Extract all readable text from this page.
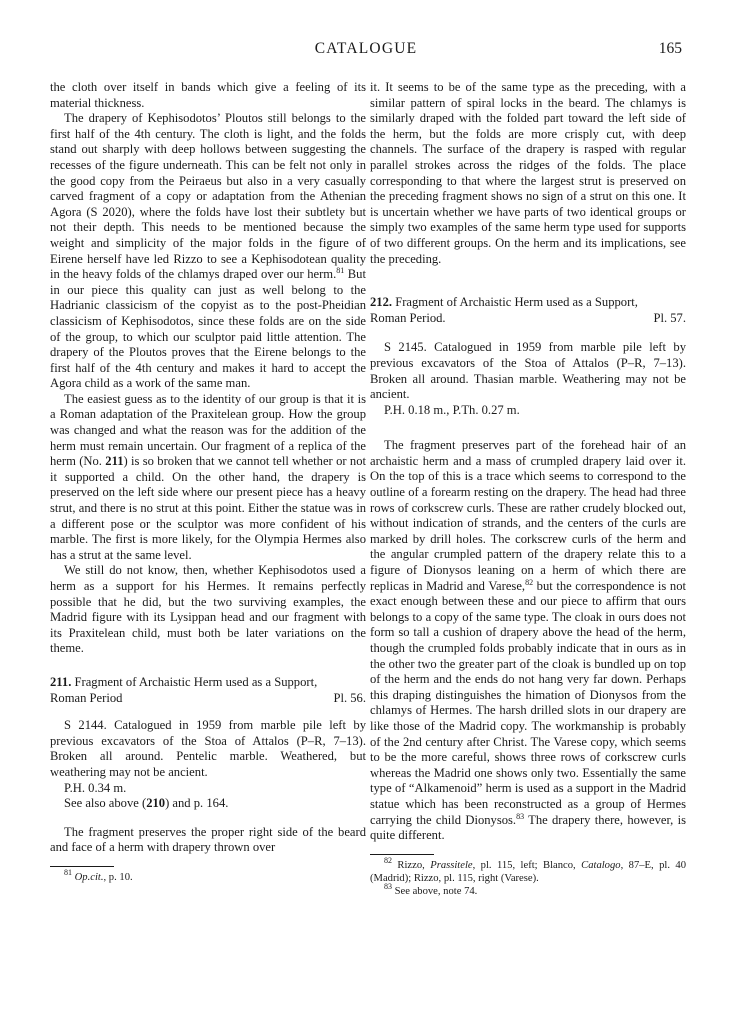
CATALOGUE	165

the cloth over itself in bands which give a feeling of its material thickness.

The drapery of Kephisodotos’ Ploutos still belongs to the first half of the 4th century. The cloth is light, and the folds stand out sharply with deep hollows between suggesting the recesses of the figure underneath. This can be felt not only in the good copy from the Peiraeus but also in a very casually carved fragment of a copy or adaptation from the Athenian Agora (S 2020), where the folds have lost their subtlety but not their depth. This needs to be mentioned because the weight and simplicity of the major folds in the figure of Eirene herself have led Rizzo to see a Kephisodotean quality in the heavy folds of the chlamys draped over our herm.$^{81}$ But in our piece this quality can just as well belong to the Hadrianic classicism of the copyist as to the post-Pheidian classicism of Kephisodotos, since these folds are on the side of the group, to which our sculptor paid little attention. The drapery of the Ploutos proves that the Eirene belongs to the first half of the 4th century and makes it hard to accept the Agora child as a work of the same man.

The easiest guess as to the identity of our group is that it is a Roman adaptation of the Praxitelean group. How the group was changed and what the reason was for the addition of the herm must remain uncertain. Our fragment of a replica of the herm (No. 211) is so broken that we cannot tell whether or not it supported a child. On the other hand, the drapery is preserved on the left side where our present piece has a heavy strut, and there is no strut at this point. Either the statue was in a different pose or the sculptor was more confident of his marble. The first is more likely, for the Olympia Hermes also has a strut at the same level.

We still do not know, then, whether Kephisodotos used a herm as a support for his Hermes. It remains perfectly possible that he did, but the two surviving examples, the Madrid figure with its Lysippan head and our fragment with its Praxitelean child, must both be later variations on the theme.

211. Fragment of Archaistic Herm used as a Support,
Roman Period	Pl. 56.

S 2144. Catalogued in 1959 from marble pile left by previous excavators of the Stoa of Attalos (P–R, 7–13). Broken all around. Pentelic marble. Weathered, but weathering may not be ancient.

P.H. 0.34 m.

See also above (210) and p. 164.

The fragment preserves the proper right side of the beard and face of a herm with drapery thrown over

$^{81}$ Op.cit., p. 10.

it. It seems to be of the same type as the preceding, with a similar pattern of spiral locks in the beard. The chlamys is similarly draped with the folded part toward the left side of the herm, but the folds are more crisply cut, with deep channels. The surface of the drapery is rasped with regular parallel strokes across the ridges of the folds. The place corresponding to that where the largest strut is preserved on the preceding fragment shows no sign of a strut on this one. It is uncertain whether we have parts of two identical groups or simply two examples of the same herm type used for supports of two different groups. On the herm and its implications, see the preceding.

212. Fragment of Archaistic Herm used as a Support,
Roman Period.	Pl. 57.

S 2145. Catalogued in 1959 from marble pile left by previous excavators of the Stoa of Attalos (P–R, 7–13). Broken all around. Thasian marble. Weathering may not be ancient.

P.H. 0.18 m., P.Th. 0.27 m.

The fragment preserves part of the forehead hair of an archaistic herm and a mass of crumpled drapery laid over it. On the top of this is a trace which seems to correspond to the outline of a forearm resting on the drapery. The head had three rows of corkscrew curls. These are rather crudely blocked out, without indication of strands, and the centers of the curls are marked by drill holes. The corkscrew curls of the herm and the angular crumpled pattern of the drapery relate this to a figure of Dionysos leaning on a herm of which there are replicas in Madrid and Varese,$^{82}$ but the correspondence is not exact enough between these and our piece to affirm that ours belongs to a copy of the same type. The cloak in ours does not form so tall a cushion of drapery above the head of the herm, though the crumpled folds probably indicate that in ours as in the other two the greater part of the cloak is bundled up on top of the herm and the ends do not hang very far down. Perhaps this draping distinguishes the himation of Dionysos from the chlamys of Hermes. The harsh drilled slots in our drapery are like those of the Madrid copy. The workmanship is probably of the 2nd century after Christ. The Varese copy, which seems to be the more careful, shows three rows of corkscrew curls whereas the Madrid one shows only two. Essentially the same type of “Alkamenoid” herm is used as a support in the Madrid statue which has been reconstructed as a group of Hermes carrying the child Dionysos.$^{83}$ The drapery there, however, is quite different.

$^{82}$ Rizzo, Prassitele, pl. 115, left; Blanco, Catalogo, 87–E, pl. 40 (Madrid); Rizzo, pl. 115, right (Varese).

$^{83}$ See above, note 74.
